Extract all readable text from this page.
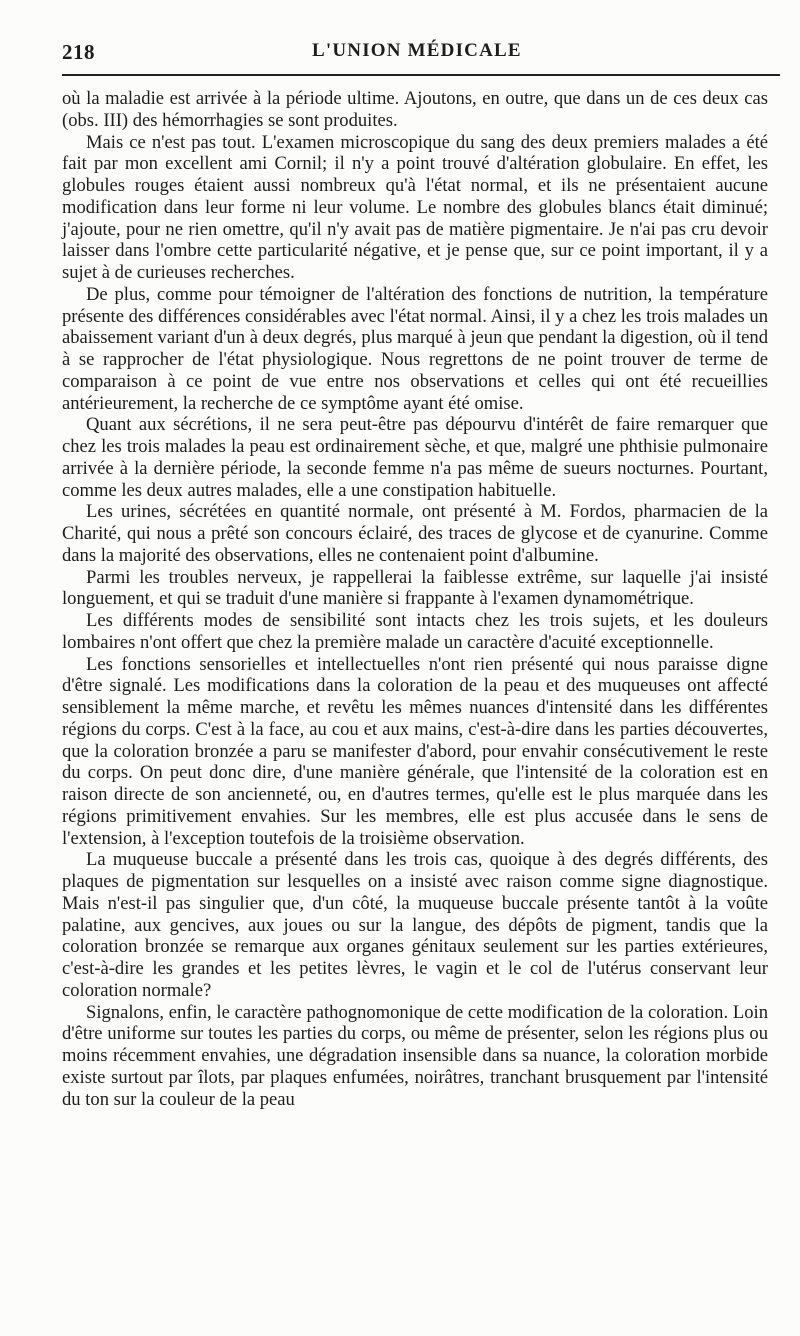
218	L'UNION MÉDICALE

où la maladie est arrivée à la période ultime. Ajoutons, en outre, que dans un de ces deux cas (obs. III) des hémorrhagies se sont produites.

Mais ce n'est pas tout. L'examen microscopique du sang des deux premiers malades a été fait par mon excellent ami Cornil; il n'y a point trouvé d'altération globulaire. En effet, les globules rouges étaient aussi nombreux qu'à l'état normal, et ils ne présentaient aucune modification dans leur forme ni leur volume. Le nombre des globules blancs était diminué; j'ajoute, pour ne rien omettre, qu'il n'y avait pas de matière pigmentaire. Je n'ai pas cru devoir laisser dans l'ombre cette particularité négative, et je pense que, sur ce point important, il y a sujet à de curieuses recherches.

De plus, comme pour témoigner de l'altération des fonctions de nutrition, la température présente des différences considérables avec l'état normal. Ainsi, il y a chez les trois malades un abaissement variant d'un à deux degrés, plus marqué à jeun que pendant la digestion, où il tend à se rapprocher de l'état physiologique. Nous regrettons de ne point trouver de terme de comparaison à ce point de vue entre nos observations et celles qui ont été recueillies antérieurement, la recherche de ce symptôme ayant été omise.

Quant aux sécrétions, il ne sera peut-être pas dépourvu d'intérêt de faire remarquer que chez les trois malades la peau est ordinairement sèche, et que, malgré une phthisie pulmonaire arrivée à la dernière période, la seconde femme n'a pas même de sueurs nocturnes. Pourtant, comme les deux autres malades, elle a une constipation habituelle.

Les urines, sécrétées en quantité normale, ont présenté à M. Fordos, pharmacien de la Charité, qui nous a prêté son concours éclairé, des traces de glycose et de cyanurine. Comme dans la majorité des observations, elles ne contenaient point d'albumine.

Parmi les troubles nerveux, je rappellerai la faiblesse extrême, sur laquelle j'ai insisté longuement, et qui se traduit d'une manière si frappante à l'examen dynamométrique.

Les différents modes de sensibilité sont intacts chez les trois sujets, et les douleurs lombaires n'ont offert que chez la première malade un caractère d'acuité exceptionnelle.

Les fonctions sensorielles et intellectuelles n'ont rien présenté qui nous paraisse digne d'être signalé. Les modifications dans la coloration de la peau et des muqueuses ont affecté sensiblement la même marche, et revêtu les mêmes nuances d'intensité dans les différentes régions du corps. C'est à la face, au cou et aux mains, c'est-à-dire dans les parties découvertes, que la coloration bronzée a paru se manifester d'abord, pour envahir consécutivement le reste du corps. On peut donc dire, d'une manière générale, que l'intensité de la coloration est en raison directe de son ancienneté, ou, en d'autres termes, qu'elle est le plus marquée dans les régions primitivement envahies. Sur les membres, elle est plus accusée dans le sens de l'extension, à l'exception toutefois de la troisième observation.

La muqueuse buccale a présenté dans les trois cas, quoique à des degrés différents, des plaques de pigmentation sur lesquelles on a insisté avec raison comme signe diagnostique. Mais n'est-il pas singulier que, d'un côté, la muqueuse buccale présente tantôt à la voûte palatine, aux gencives, aux joues ou sur la langue, des dépôts de pigment, tandis que la coloration bronzée se remarque aux organes génitaux seulement sur les parties extérieures, c'est-à-dire les grandes et les petites lèvres, le vagin et le col de l'utérus conservant leur coloration normale?

Signalons, enfin, le caractère pathognomonique de cette modification de la coloration. Loin d'être uniforme sur toutes les parties du corps, ou même de présenter, selon les régions plus ou moins récemment envahies, une dégradation insensible dans sa nuance, la coloration morbide existe surtout par îlots, par plaques enfumées, noirâtres, tranchant brusquement par l'intensité du ton sur la couleur de la peau
